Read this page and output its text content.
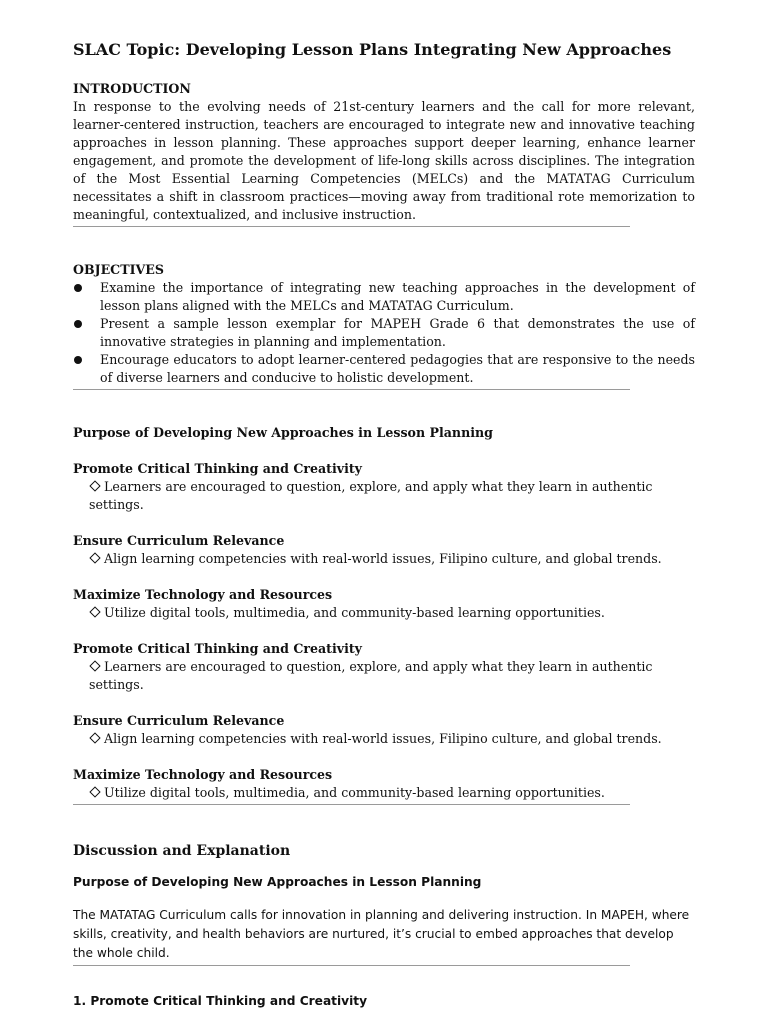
SLAC Topic: Developing Lesson Plans Integrating New Approaches
INTRODUCTION

In response to the evolving needs of 21st-century learners and the call for more relevant, learner-centered instruction, teachers are encouraged to integrate new and innovative teaching approaches in lesson planning. These approaches support deeper learning, enhance learner engagement, and promote the development of life-long skills across disciplines. The integration of the Most Essential Learning Competencies (MELCs) and the MATATAG Curriculum necessitates a shift in classroom practices—moving away from traditional rote memorization to meaningful, contextualized, and inclusive instruction.

OBJECTIVES
Examine the importance of integrating new teaching approaches in the development of lesson plans aligned with the MELCs and MATATAG Curriculum.
Present a sample lesson exemplar for MAPEH Grade 6 that demonstrates the use of innovative strategies in planning and implementation.
Encourage educators to adopt learner-centered pedagogies that are responsive to the needs of diverse learners and conducive to holistic development.
Purpose of Developing New Approaches in Lesson Planning
Promote Critical Thinking and Creativity
Learners are encouraged to question, explore, and apply what they learn in authentic settings.
Ensure Curriculum Relevance
Align learning competencies with real-world issues, Filipino culture, and global trends.
Maximize Technology and Resources
Utilize digital tools, multimedia, and community-based learning opportunities.
Promote Critical Thinking and Creativity
Learners are encouraged to question, explore, and apply what they learn in authentic settings.
Ensure Curriculum Relevance
Align learning competencies with real-world issues, Filipino culture, and global trends.
Maximize Technology and Resources
Utilize digital tools, multimedia, and community-based learning opportunities.
Discussion and Explanation
Purpose of Developing New Approaches in Lesson Planning
The MATATAG Curriculum calls for innovation in planning and delivering instruction. In MAPEH, where skills, creativity, and health behaviors are nurtured, it’s crucial to embed approaches that develop the whole child.
1. Promote Critical Thinking and Creativity
